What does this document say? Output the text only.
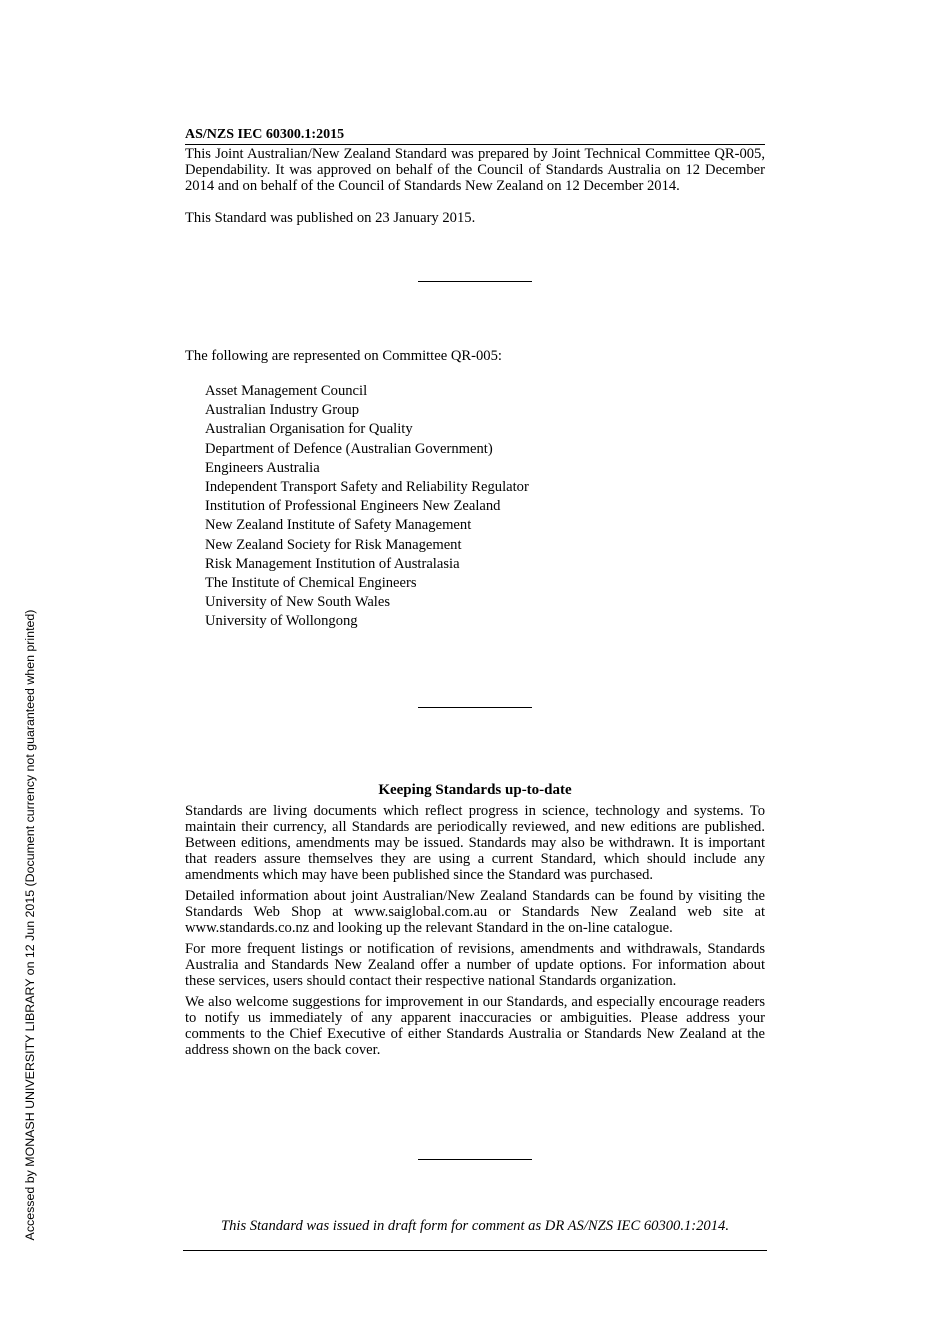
Accessed by MONASH UNIVERSITY LIBRARY on 12 Jun 2015 (Document currency not guaranteed when printed)
AS/NZS IEC 60300.1:2015

This Joint Australian/New Zealand Standard was prepared by Joint Technical Committee QR-005, Dependability. It was approved on behalf of the Council of Standards Australia on 12 December 2014 and on behalf of the Council of Standards New Zealand on 12 December 2014.

This Standard was published on 23 January 2015.
The following are represented on Committee QR-005:
Asset Management Council
Australian Industry Group
Australian Organisation for Quality
Department of Defence (Australian Government)
Engineers Australia
Independent Transport Safety and Reliability Regulator
Institution of Professional Engineers New Zealand
New Zealand Institute of Safety Management
New Zealand Society for Risk Management
Risk Management Institution of Australasia
The Institute of Chemical Engineers
University of New South Wales
University of Wollongong
Keeping Standards up-to-date

Standards are living documents which reflect progress in science, technology and systems. To maintain their currency, all Standards are periodically reviewed, and new editions are published. Between editions, amendments may be issued. Standards may also be withdrawn. It is important that readers assure themselves they are using a current Standard, which should include any amendments which may have been published since the Standard was purchased.

Detailed information about joint Australian/New Zealand Standards can be found by visiting the Standards Web Shop at www.saiglobal.com.au or Standards New Zealand web site at www.standards.co.nz and looking up the relevant Standard in the on-line catalogue.

For more frequent listings or notification of revisions, amendments and withdrawals, Standards Australia and Standards New Zealand offer a number of update options. For information about these services, users should contact their respective national Standards organization.

We also welcome suggestions for improvement in our Standards, and especially encourage readers to notify us immediately of any apparent inaccuracies or ambiguities. Please address your comments to the Chief Executive of either Standards Australia or Standards New Zealand at the address shown on the back cover.

This Standard was issued in draft form for comment as DR AS/NZS IEC 60300.1:2014.
